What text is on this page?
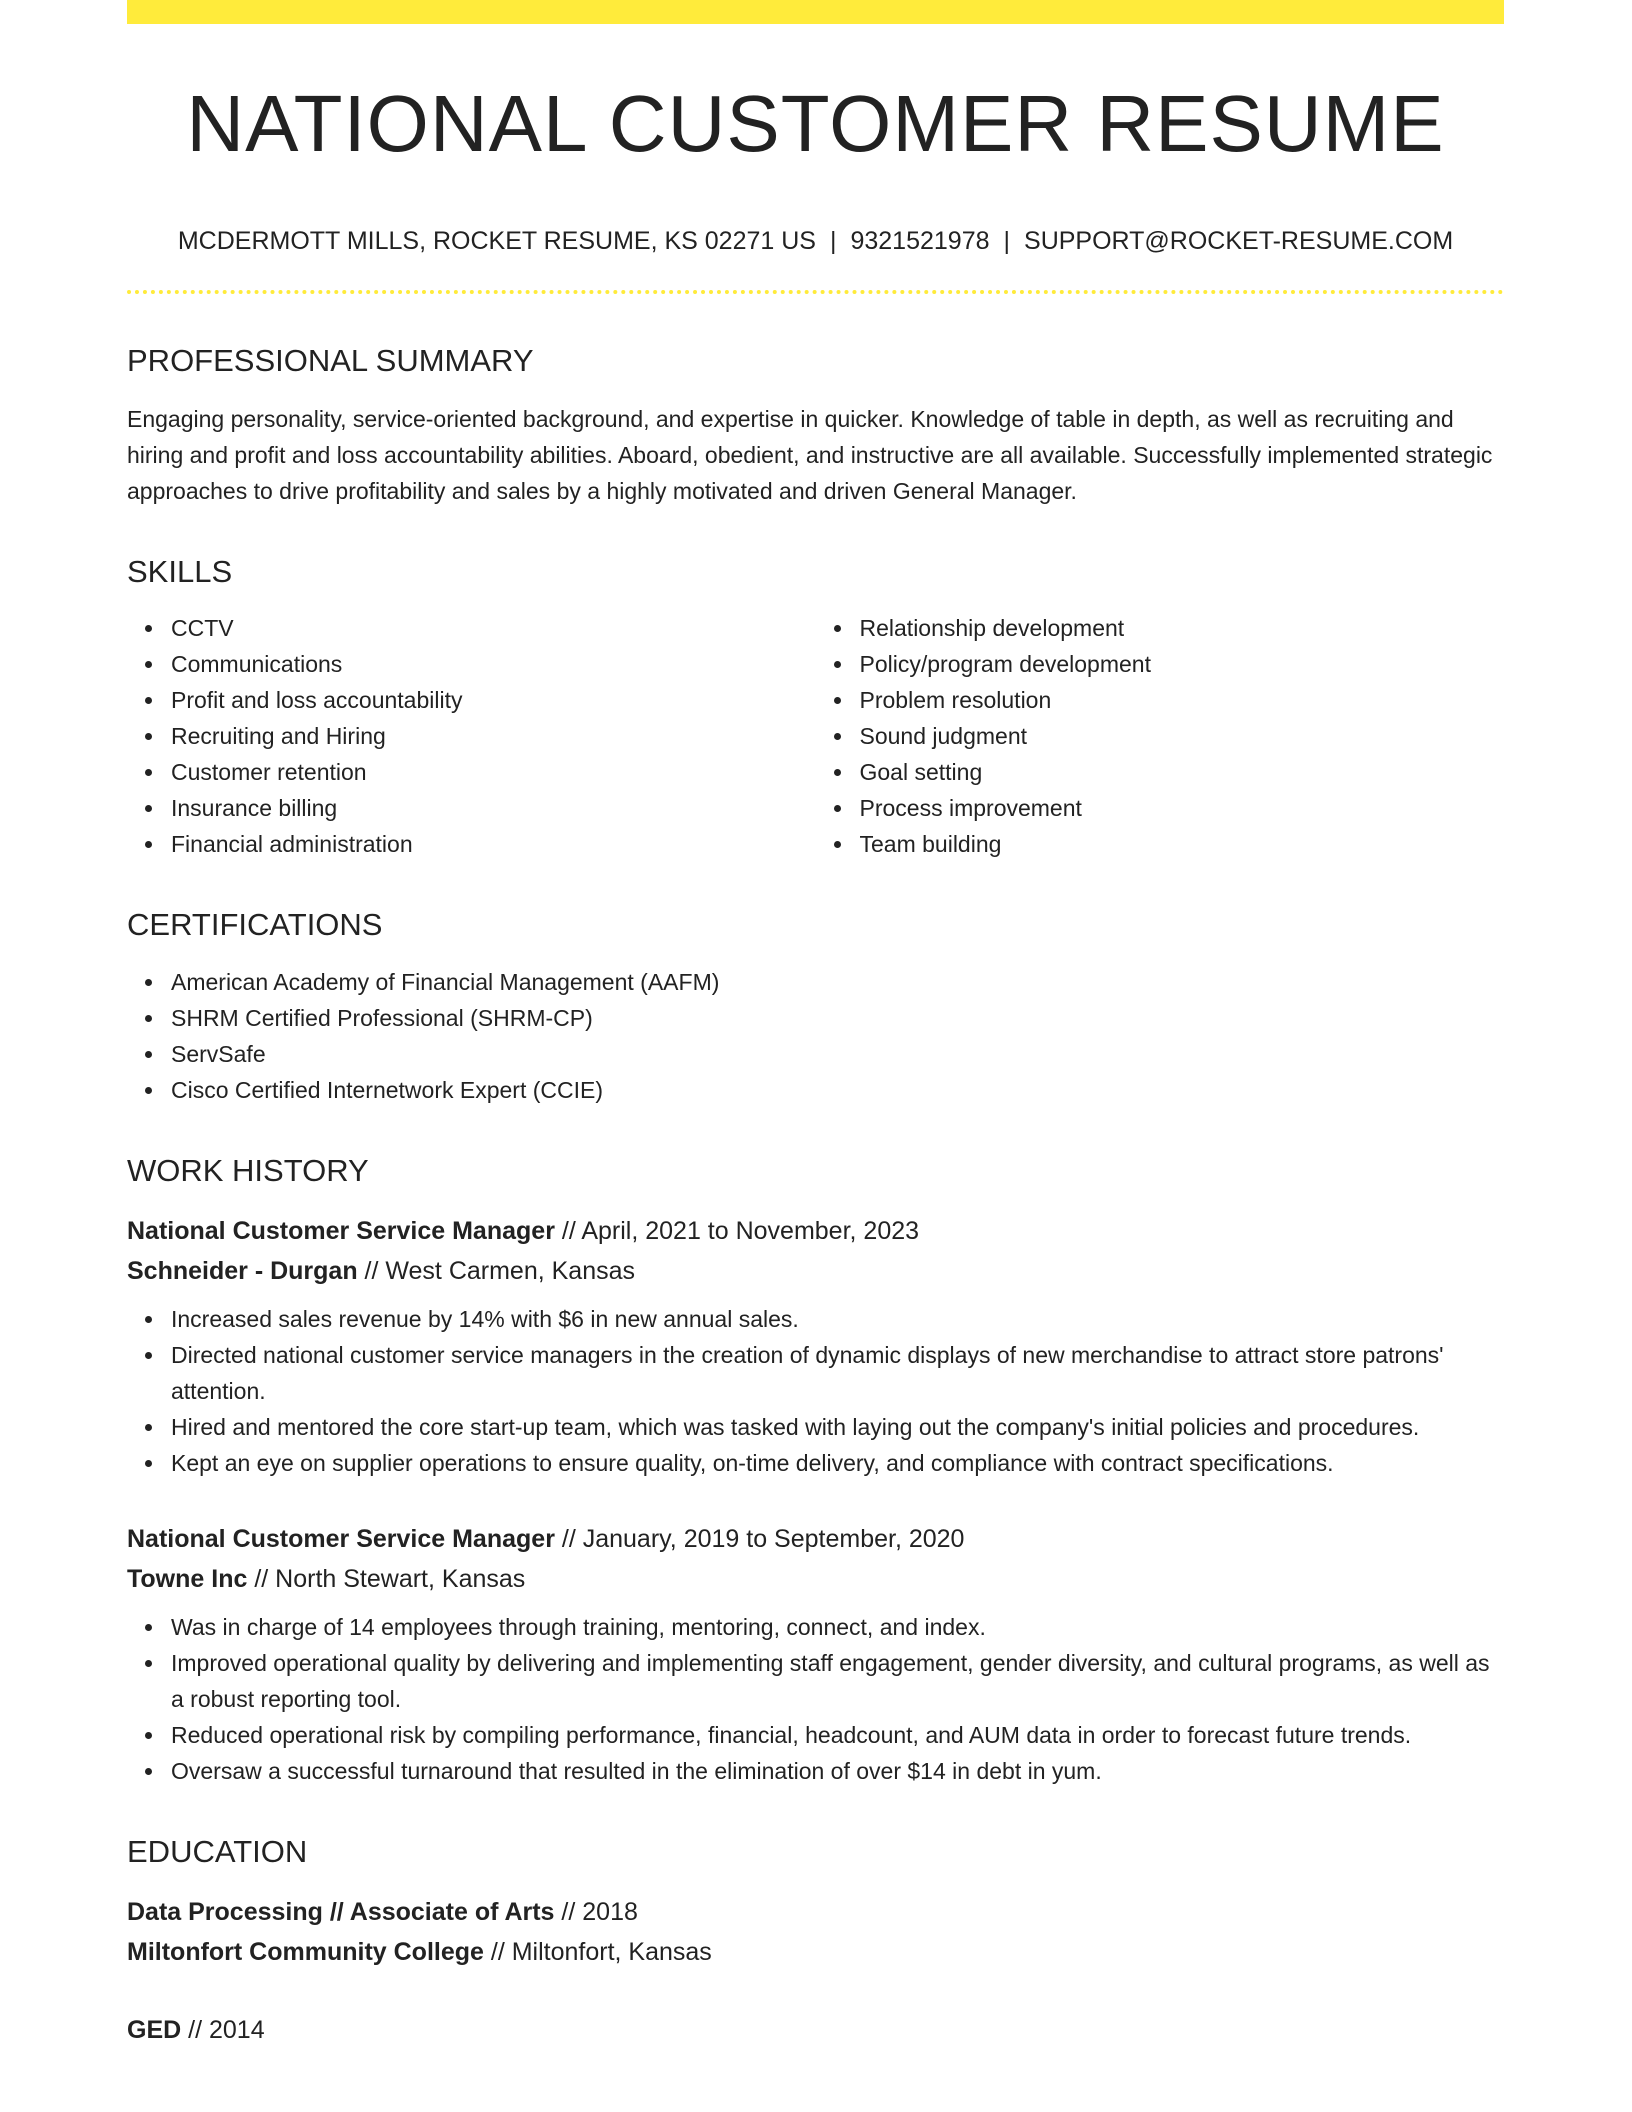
NATIONAL CUSTOMER RESUME
MCDERMOTT MILLS, ROCKET RESUME, KS 02271 US | 9321521978 | SUPPORT@ROCKET-RESUME.COM
PROFESSIONAL SUMMARY

Engaging personality, service-oriented background, and expertise in quicker. Knowledge of table in depth, as well as recruiting and hiring and profit and loss accountability abilities. Aboard, obedient, and instructive are all available. Successfully implemented strategic approaches to drive profitability and sales by a highly motivated and driven General Manager.

SKILLS
CCTV
Communications
Profit and loss accountability
Recruiting and Hiring
Customer retention
Insurance billing
Financial administration
Relationship development
Policy/program development
Problem resolution
Sound judgment
Goal setting
Process improvement
Team building
CERTIFICATIONS
American Academy of Financial Management (AAFM)
SHRM Certified Professional (SHRM-CP)
ServSafe
Cisco Certified Internetwork Expert (CCIE)
WORK HISTORY
National Customer Service Manager // April, 2021 to November, 2023
Schneider - Durgan // West Carmen, Kansas
Increased sales revenue by 14% with $6 in new annual sales.
Directed national customer service managers in the creation of dynamic displays of new merchandise to attract store patrons' attention.
Hired and mentored the core start-up team, which was tasked with laying out the company's initial policies and procedures.
Kept an eye on supplier operations to ensure quality, on-time delivery, and compliance with contract specifications.
National Customer Service Manager // January, 2019 to September, 2020
Towne Inc // North Stewart, Kansas
Was in charge of 14 employees through training, mentoring, connect, and index.
Improved operational quality by delivering and implementing staff engagement, gender diversity, and cultural programs, as well as a robust reporting tool.
Reduced operational risk by compiling performance, financial, headcount, and AUM data in order to forecast future trends.
Oversaw a successful turnaround that resulted in the elimination of over $14 in debt in yum.
EDUCATION
Data Processing // Associate of Arts // 2018
Miltonfort Community College // Miltonfort, Kansas
GED // 2014
